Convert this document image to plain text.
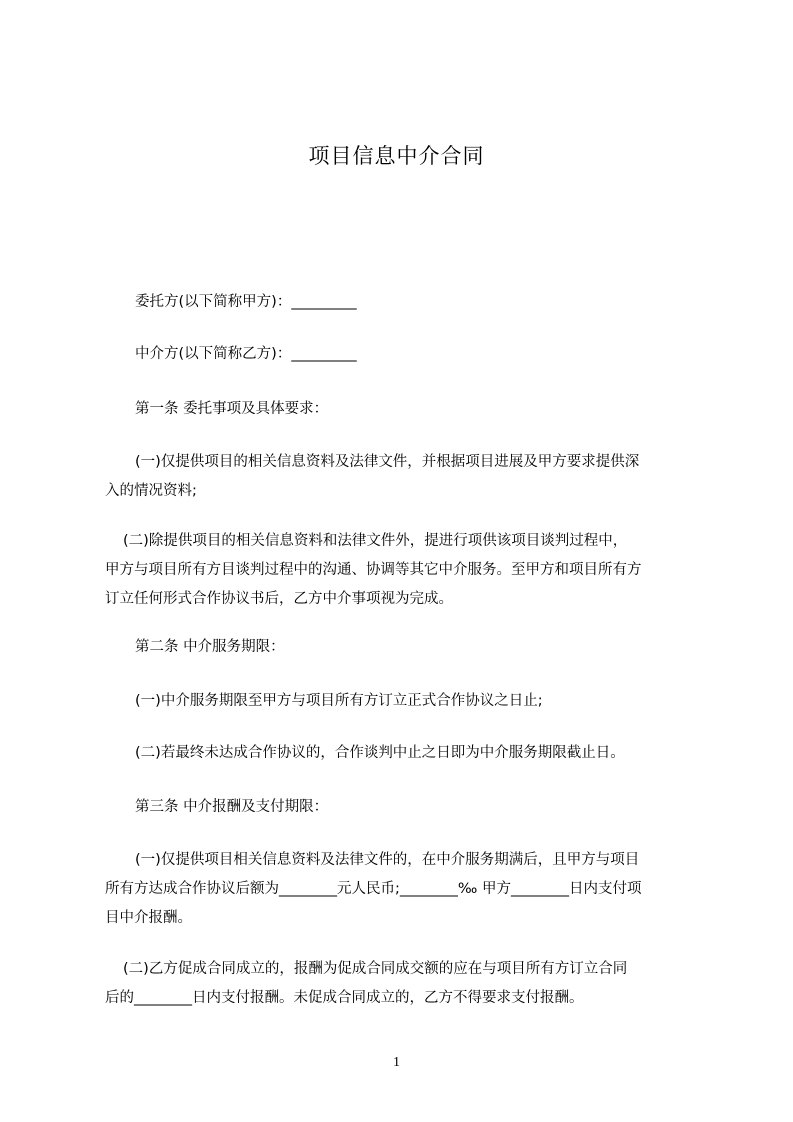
项目信息中介合同

委托方(以下简称甲方)：_________

中介方(以下简称乙方)：_________

第一条 委托事项及具体要求：

(一)仅提供项目的相关信息资料及法律文件，并根据项目进展及甲方要求提供深
入的情况资料;

(二)除提供项目的相关信息资料和法律文件外，提进行项供该项目谈判过程中，
甲方与项目所有方目谈判过程中的沟通、协调等其它中介服务。至甲方和项目所有方
订立任何形式合作协议书后，乙方中介事项视为完成。

第二条 中介服务期限：

(一)中介服务期限至甲方与项目所有方订立正式合作协议之日止;

(二)若最终未达成合作协议的，合作谈判中止之日即为中介服务期限截止日。

第三条 中介报酬及支付期限：

(一)仅提供项目相关信息资料及法律文件的，在中介服务期满后，且甲方与项目
所有方达成合作协议后额为________元人民币;________‰ 甲方________日内支付项
目中介报酬。

(二)乙方促成合同成立的，报酬为促成合同成交额的应在与项目所有方订立合同
后的________日内支付报酬。未促成合同成立的，乙方不得要求支付报酬。

1
